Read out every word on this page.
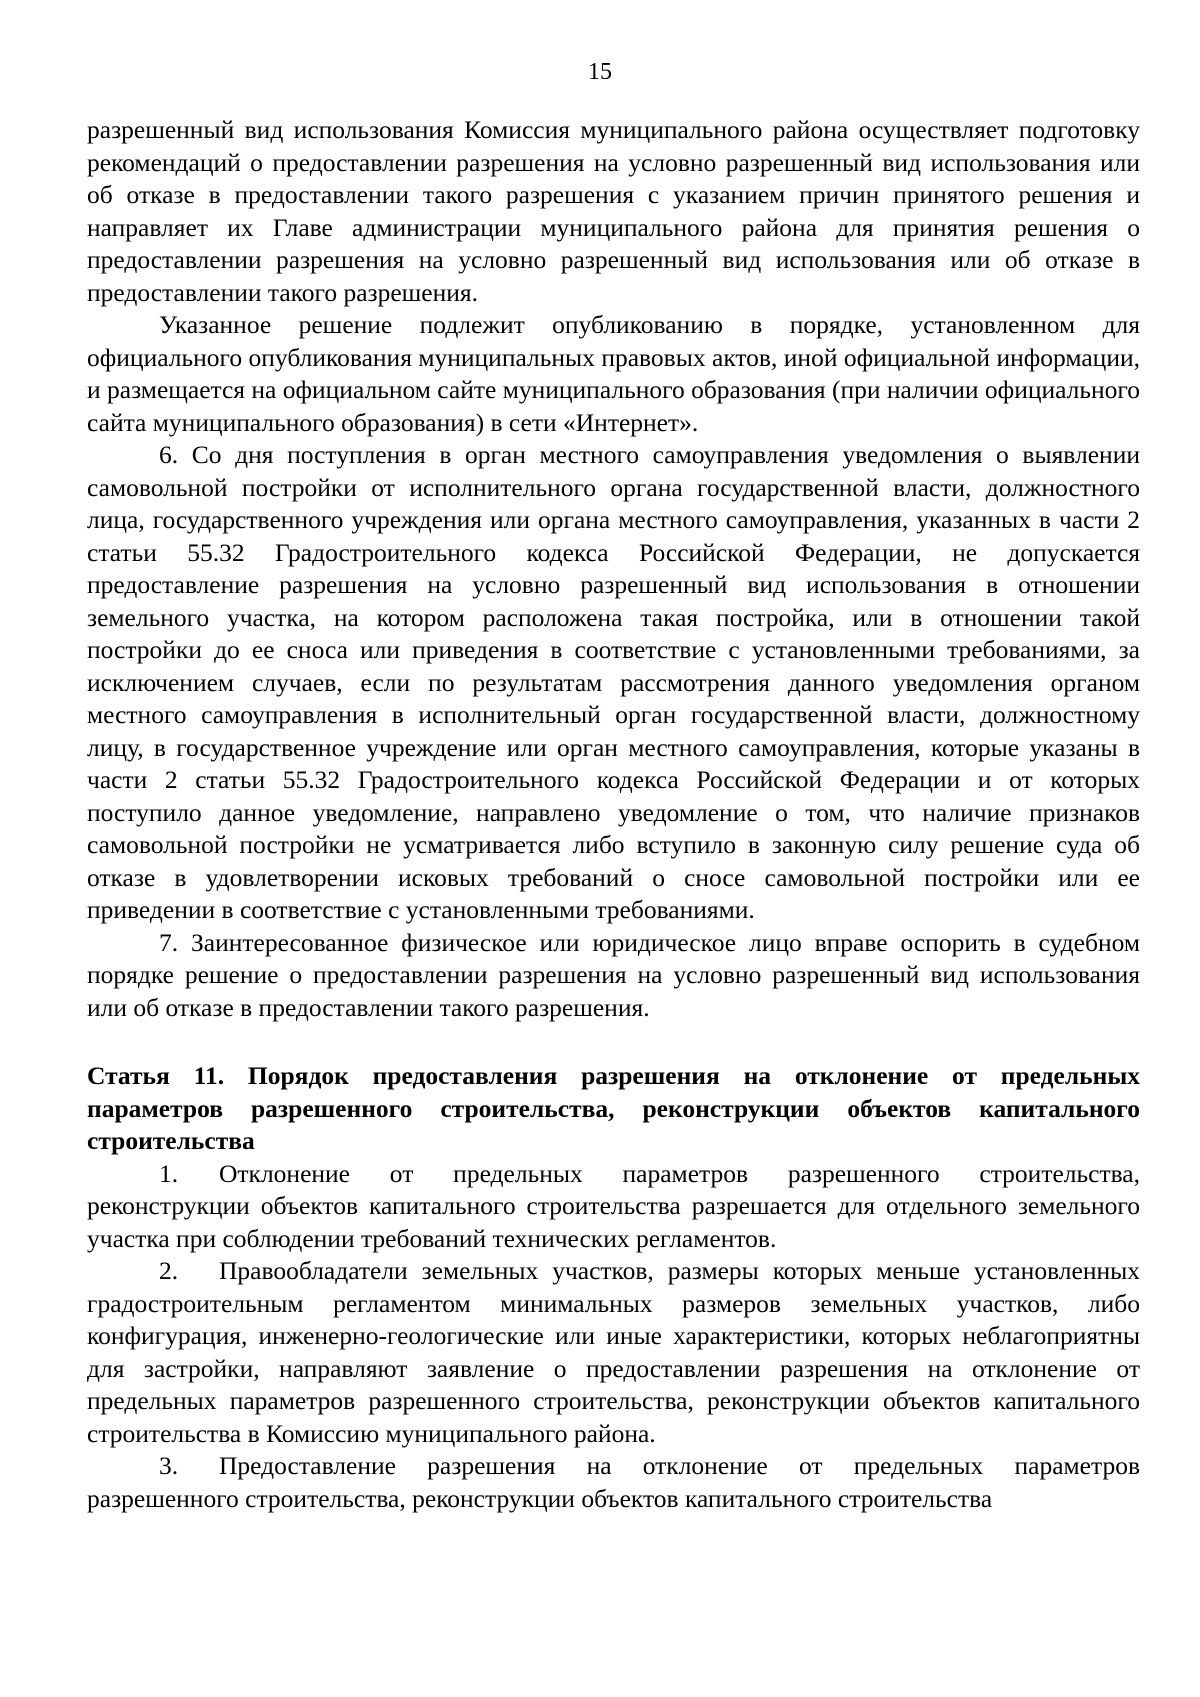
15

разрешенный вид использования Комиссия муниципального района осуществляет подготовку рекомендаций о предоставлении разрешения на условно разрешенный вид использования или об отказе в предоставлении такого разрешения с указанием причин принятого решения и направляет их Главе администрации муниципального района для принятия решения о предоставлении разрешения на условно разрешенный вид использования или об отказе в предоставлении такого разрешения.

Указанное решение подлежит опубликованию в порядке, установленном для официального опубликования муниципальных правовых актов, иной официальной информации, и размещается на официальном сайте муниципального образования (при наличии официального сайта муниципального образования) в сети «Интернет».

6. Со дня поступления в орган местного самоуправления уведомления о выявлении самовольной постройки от исполнительного органа государственной власти, должностного лица, государственного учреждения или органа местного самоуправления, указанных в части 2 статьи 55.32 Градостроительного кодекса Российской Федерации, не допускается предоставление разрешения на условно разрешенный вид использования в отношении земельного участка, на котором расположена такая постройка, или в отношении такой постройки до ее сноса или приведения в соответствие с установленными требованиями, за исключением случаев, если по результатам рассмотрения данного уведомления органом местного самоуправления в исполнительный орган государственной власти, должностному лицу, в государственное учреждение или орган местного самоуправления, которые указаны в части 2 статьи 55.32 Градостроительного кодекса Российской Федерации и от которых поступило данное уведомление, направлено уведомление о том, что наличие признаков самовольной постройки не усматривается либо вступило в законную силу решение суда об отказе в удовлетворении исковых требований о сносе самовольной постройки или ее приведении в соответствие с установленными требованиями.

7. Заинтересованное физическое или юридическое лицо вправе оспорить в судебном порядке решение о предоставлении разрешения на условно разрешенный вид использования или об отказе в предоставлении такого разрешения.

Статья 11. Порядок предоставления разрешения на отклонение от предельных параметров разрешенного строительства, реконструкции объектов капитального строительства

1. Отклонение от предельных параметров разрешенного строительства, реконструкции объектов капитального строительства разрешается для отдельного земельного участка при соблюдении требований технических регламентов.

2. Правообладатели земельных участков, размеры которых меньше установленных градостроительным регламентом минимальных размеров земельных участков, либо конфигурация, инженерно-геологические или иные характеристики, которых неблагоприятны для застройки, направляют заявление о предоставлении разрешения на отклонение от предельных параметров разрешенного строительства, реконструкции объектов капитального строительства в Комиссию муниципального района.

3. Предоставление разрешения на отклонение от предельных параметров разрешенного строительства, реконструкции объектов капитального строительства
